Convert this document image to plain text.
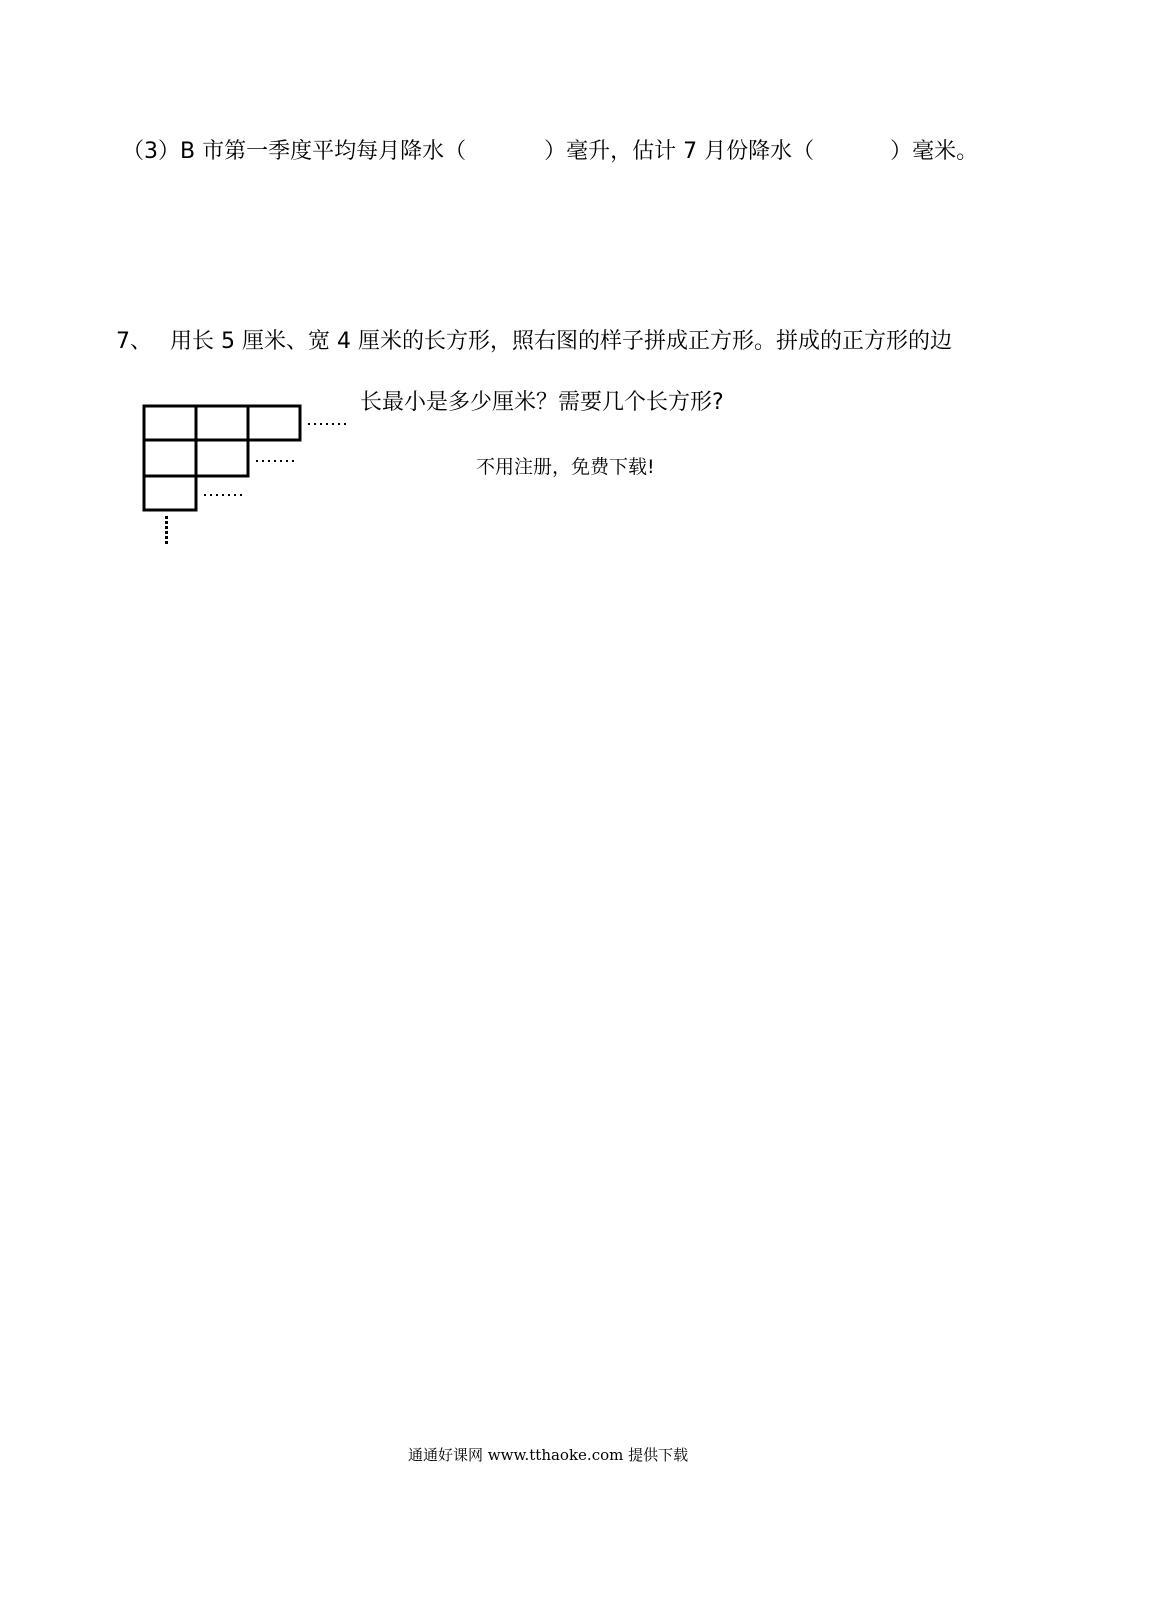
（3）B 市第一季度平均每月降水（	）毫升，估计 7 月份降水（	）毫米。
7、 用长 5 厘米、宽 4 厘米的长方形，照右图的样子拼成正方形。拼成的正方形的边
长最小是多少厘米？需要几个长方形?
不用注册，免费下载!
通通好课网 www.tthaoke.com 提供下载
